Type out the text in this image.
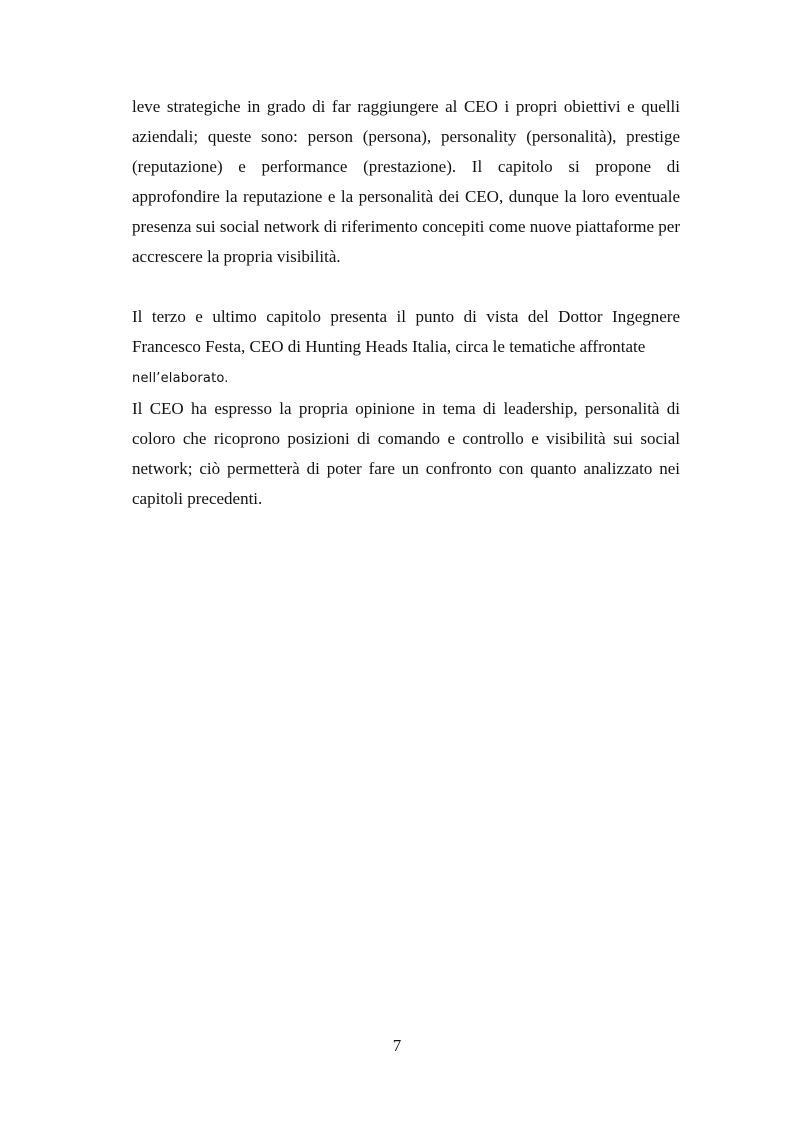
leve strategiche in grado di far raggiungere al CEO i propri obiettivi e quelli aziendali; queste sono: person (persona), personality (personalità), prestige (reputazione) e performance (prestazione). Il capitolo si propone di approfondire la reputazione e la personalità dei CEO, dunque la loro eventuale presenza sui social network di riferimento concepiti come nuove piattaforme per accrescere la propria visibilità.

Il terzo e ultimo capitolo presenta il punto di vista del Dottor Ingegnere Francesco Festa, CEO di Hunting Heads Italia, circa le tematiche affrontate
nell’elaborato.

Il CEO ha espresso la propria opinione in tema di leadership, personalità di coloro che ricoprono posizioni di comando e controllo e visibilità sui social network; ciò permetterà di poter fare un confronto con quanto analizzato nei capitoli precedenti.

7
